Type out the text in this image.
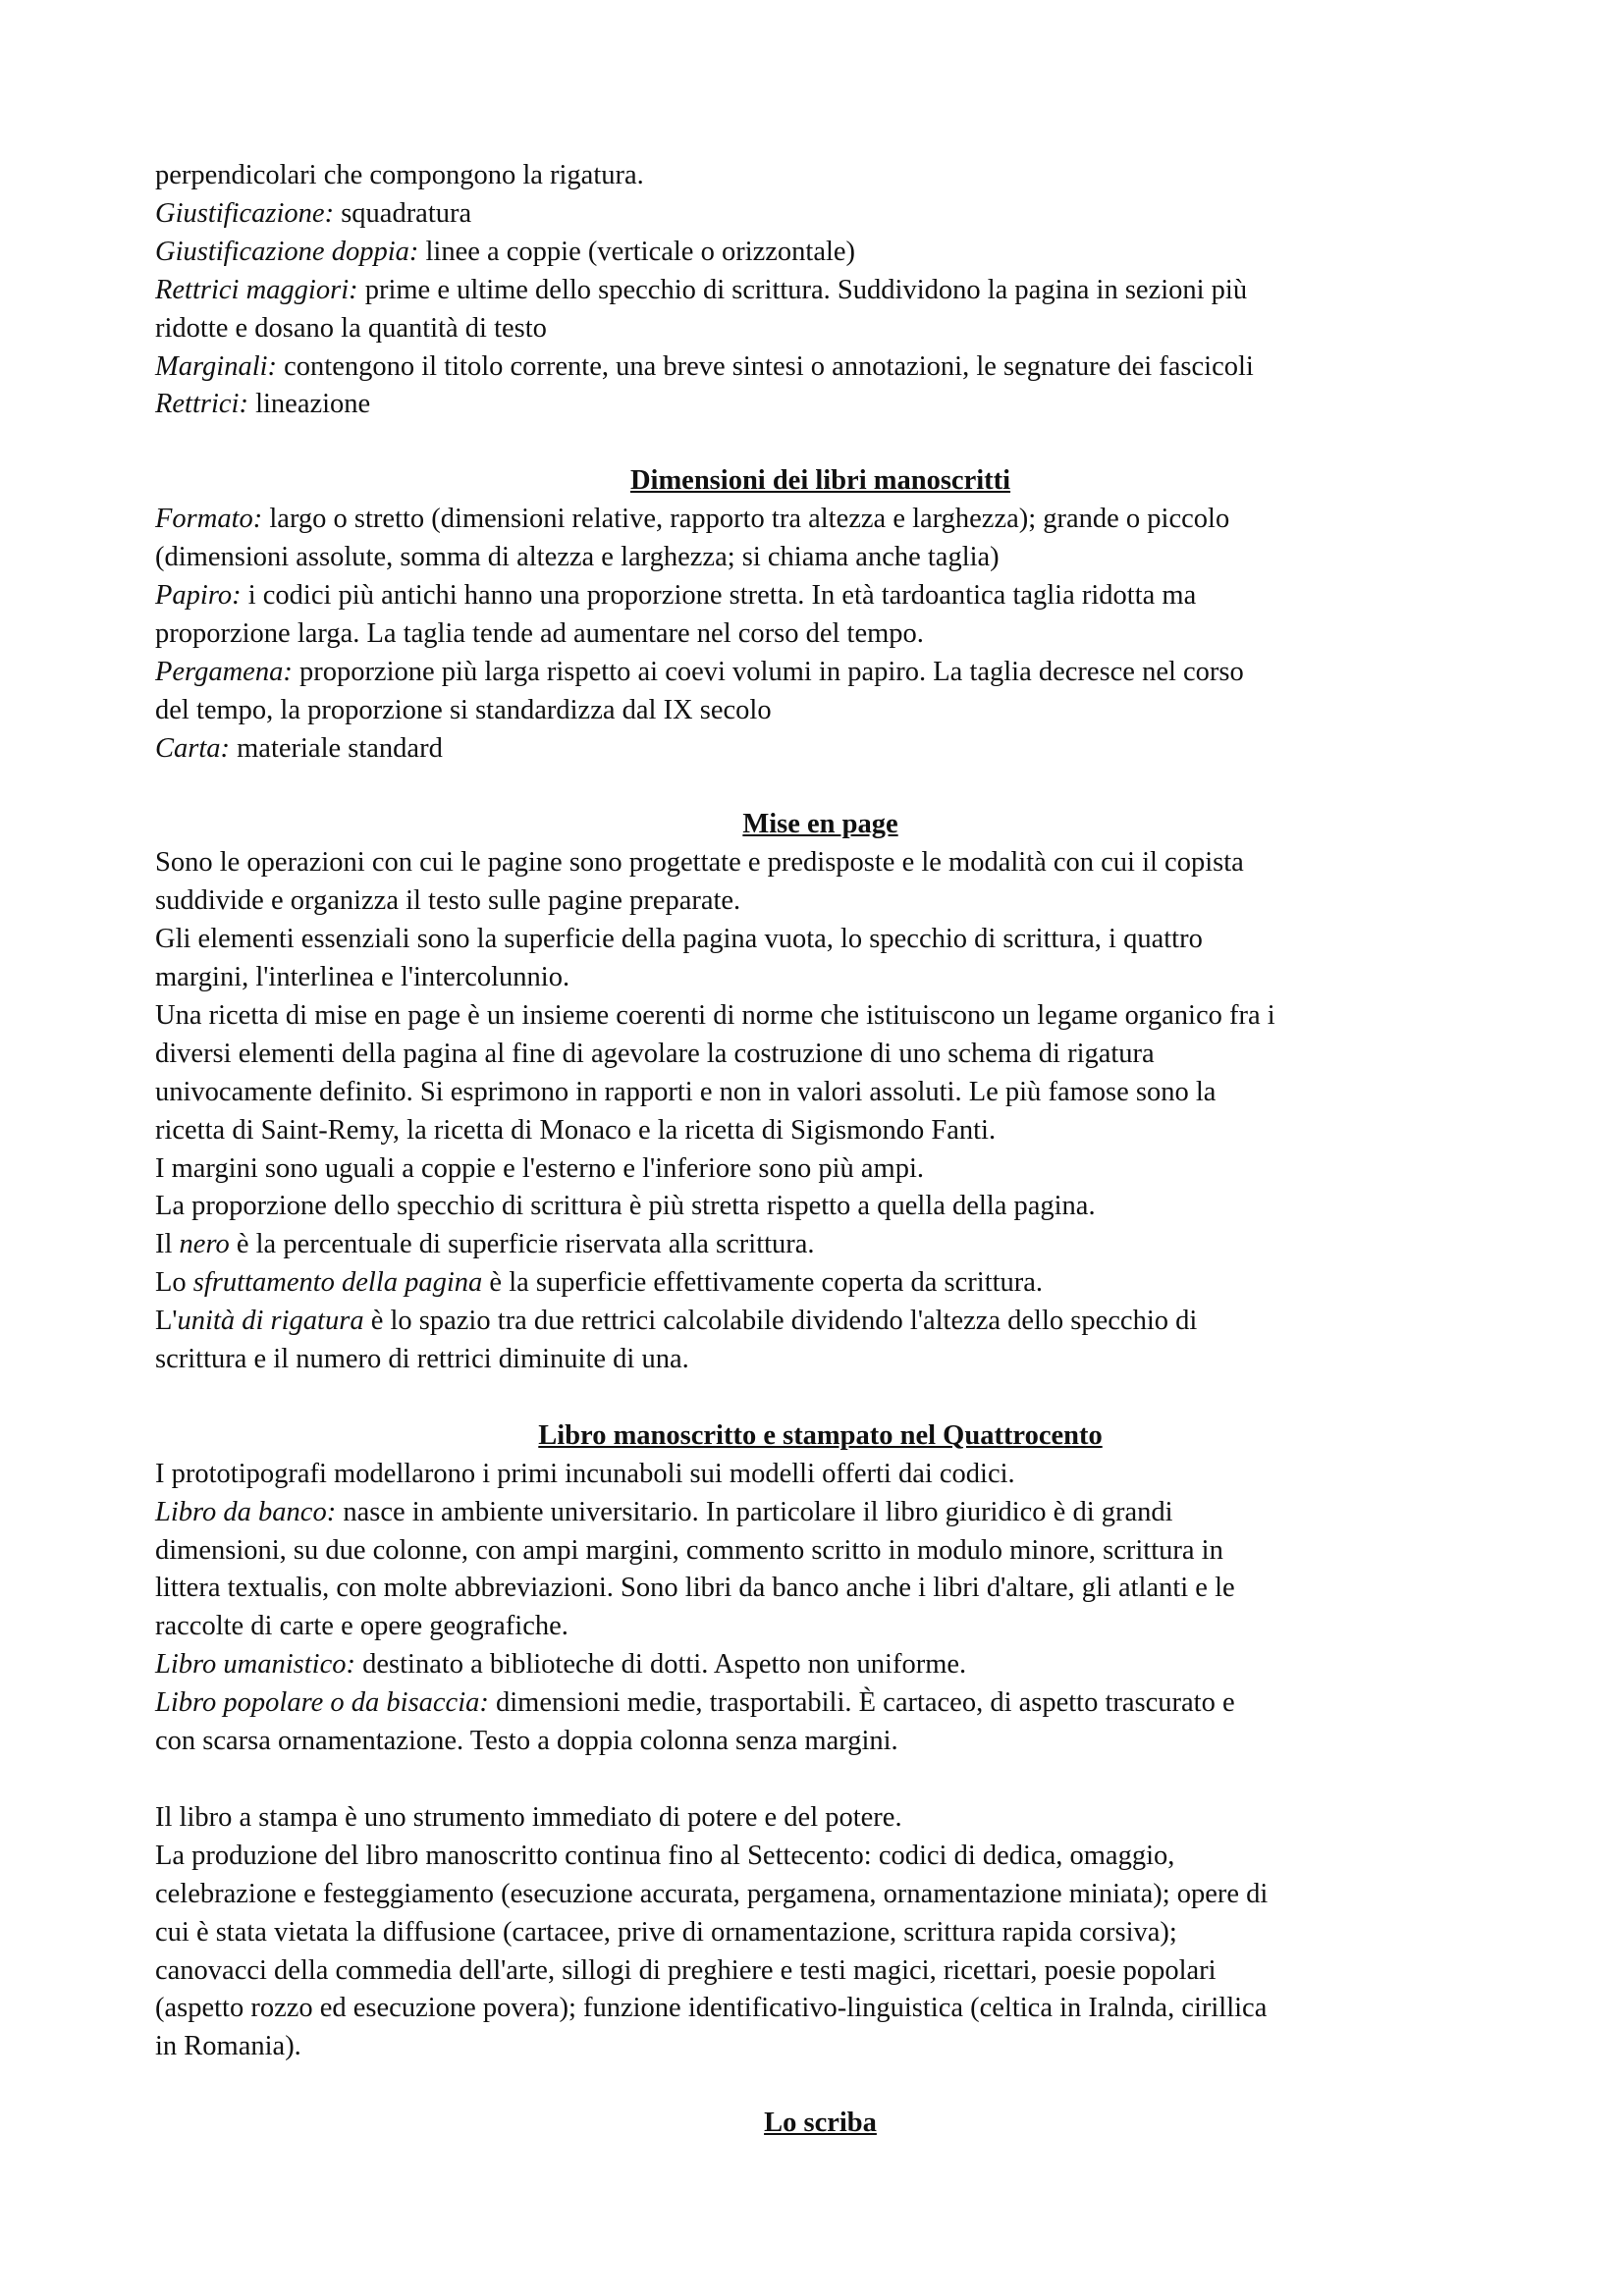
perpendicolari che compongono la rigatura.
Giustificazione: squadratura
Giustificazione doppia: linee a coppie (verticale o orizzontale)
Rettrici maggiori: prime e ultime dello specchio di scrittura. Suddividono la pagina in sezioni più
ridotte e dosano la quantità di testo
Marginali: contengono il titolo corrente, una breve sintesi o annotazioni, le segnature dei fascicoli
Rettrici: lineazione
Dimensioni dei libri manoscritti
Formato: largo o stretto (dimensioni relative, rapporto tra altezza e larghezza); grande o piccolo
(dimensioni assolute, somma di altezza e larghezza; si chiama anche taglia)
Papiro: i codici più antichi hanno una proporzione stretta. In età tardoantica taglia ridotta ma
proporzione larga. La taglia tende ad aumentare nel corso del tempo.
Pergamena: proporzione più larga rispetto ai coevi volumi in papiro. La taglia decresce nel corso
del tempo, la proporzione si standardizza dal IX secolo
Carta: materiale standard
Mise en page
Sono le operazioni con cui le pagine sono progettate e predisposte e le modalità con cui il copista
suddivide e organizza il testo sulle pagine preparate.
Gli elementi essenziali sono la superficie della pagina vuota, lo specchio di scrittura, i quattro
margini, l'interlinea e l'intercolunnio.
Una ricetta di mise en page è un insieme coerenti di norme che istituiscono un legame organico fra i
diversi elementi della pagina al fine di agevolare la costruzione di uno schema di rigatura
univocamente definito. Si esprimono in rapporti e non in valori assoluti. Le più famose sono la
ricetta di Saint-Remy, la ricetta di Monaco e la ricetta di Sigismondo Fanti.
I margini sono uguali a coppie e l'esterno e l'inferiore sono più ampi.
La proporzione dello specchio di scrittura è più stretta rispetto a quella della pagina.
Il nero è la percentuale di superficie riservata alla scrittura.
Lo sfruttamento della pagina è la superficie effettivamente coperta da scrittura.
L'unità di rigatura è lo spazio tra due rettrici calcolabile dividendo l'altezza dello specchio di
scrittura e il numero di rettrici diminuite di una.
Libro manoscritto e stampato nel Quattrocento
I prototipografi modellarono i primi incunaboli sui modelli offerti dai codici.
Libro da banco: nasce in ambiente universitario. In particolare il libro giuridico è di grandi
dimensioni, su due colonne, con ampi margini, commento scritto in modulo minore, scrittura in
littera textualis, con molte abbreviazioni. Sono libri da banco anche i libri d'altare, gli atlanti e le
raccolte di carte e opere geografiche.
Libro umanistico: destinato a biblioteche di dotti. Aspetto non uniforme.
Libro popolare o da bisaccia: dimensioni medie, trasportabili. È cartaceo, di aspetto trascurato e
con scarsa ornamentazione. Testo a doppia colonna senza margini.
Il libro a stampa è uno strumento immediato di potere e del potere.
La produzione del libro manoscritto continua fino al Settecento: codici di dedica, omaggio,
celebrazione e festeggiamento (esecuzione accurata, pergamena, ornamentazione miniata); opere di
cui è stata vietata la diffusione (cartacee, prive di ornamentazione, scrittura rapida corsiva);
canovacci della commedia dell'arte, sillogi di preghiere e testi magici, ricettari, poesie popolari
(aspetto rozzo ed esecuzione povera); funzione identificativo-linguistica (celtica in Iralnda, cirillica
in Romania).
Lo scriba
